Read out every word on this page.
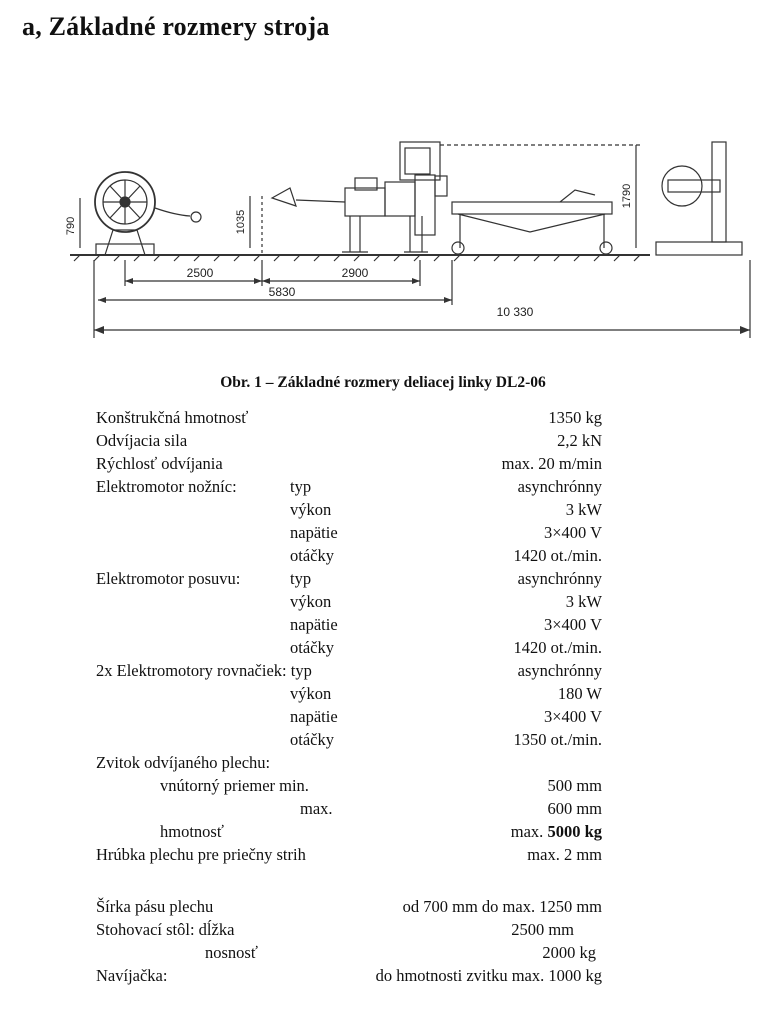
a, Základné rozmery stroja
790	1035
1790
2500	2900
5830
10 330
Obr. 1 – Základné rozmery deliacej linky DL2-06
Konštrukčná hmotnosť	1350 kg
Odvíjacia sila	2,2 kN
Rýchlosť odvíjania	max. 20 m/min
Elektromotor nožníc:	typ	asynchrónny
výkon	3 kW
napätie	3×400 V
otáčky	1420 ot./min.
Elektromotor posuvu:	typ	asynchrónny
výkon	3 kW
napätie	3×400 V
otáčky	1420 ot./min.
2x Elektromotory rovnačiek: typ	asynchrónny
výkon	180 W
napätie	3×400 V
otáčky	1350 ot./min.
Zvitok odvíjaného plechu:
vnútorný priemer min.	500 mm
max.	600 mm
hmotnosť	max. 5000 kg
Hrúbka plechu pre priečny strih	max. 2 mm
Šírka pásu plechu	od 700 mm do max. 1250 mm
Stohovací stôl: dĺžka	2500 mm
nosnosť	2000 kg
Navíjačka:	do hmotnosti zvitku max. 1000 kg
